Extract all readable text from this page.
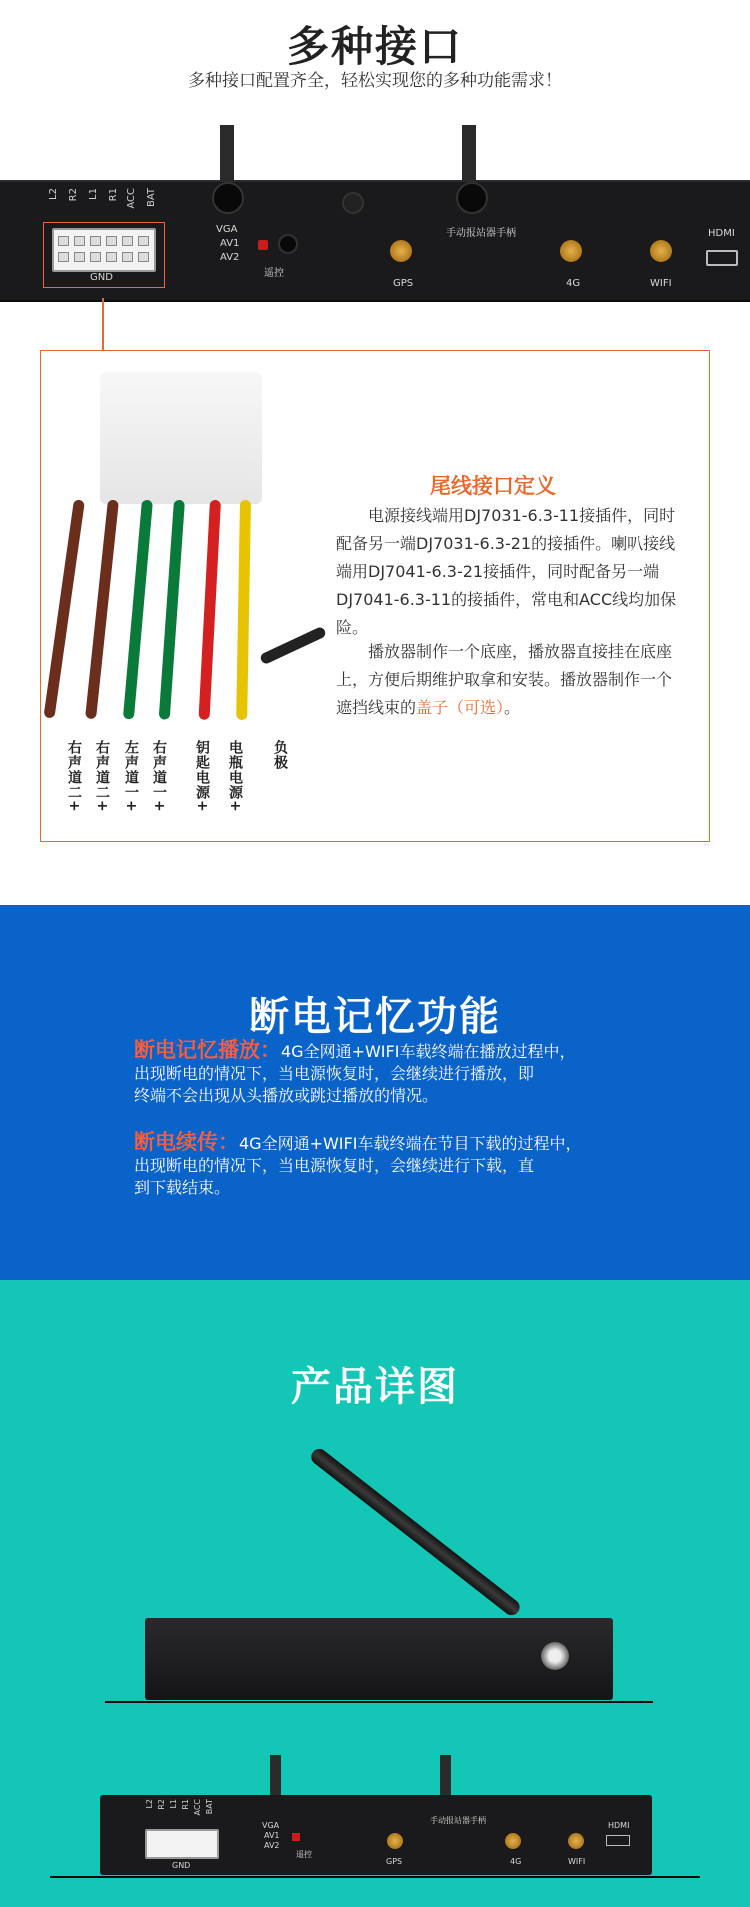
多种接口
多种接口配置齐全，轻松实现您的多种功能需求！
L2 R2 L1 R1 ACC BAT
GND
VGA
AV1
AV2
遥控
手动报站器手柄
GPS	4G	WIFI
HDMI
右声道二+ 右声道二+ 左声道一+ 右声道一+ 钥匙电源+ 电瓶电源+ 负极
尾线接口定义
电源接线端用DJ7031-6.3-11接插件，同时配备另一端DJ7031-6.3-21的接插件。喇叭接线端用DJ7041-6.3-21接插件，同时配备另一端DJ7041-6.3-11的接插件，常电和ACC线均加保险。
播放器制作一个底座，播放器直接挂在底座上，方便后期维护取拿和安装。播放器制作一个遮挡线束的盖子（可选）。
断电记忆功能
断电记忆播放：4G全网通+WIFI车载终端在播放过程中，
出现断电的情况下，当电源恢复时，会继续进行播放，即
终端不会出现从头播放或跳过播放的情况。
断电续传：4G全网通+WIFI车载终端在节目下载的过程中，
出现断电的情况下，当电源恢复时，会继续进行下载，直
到下载结束。
产品详图
L2 R2 L1 R1 ACC BAT
GND
VGA
AV1
AV2
遥控
手动报站器手柄
GPS	4G	WIFI
HDMI
